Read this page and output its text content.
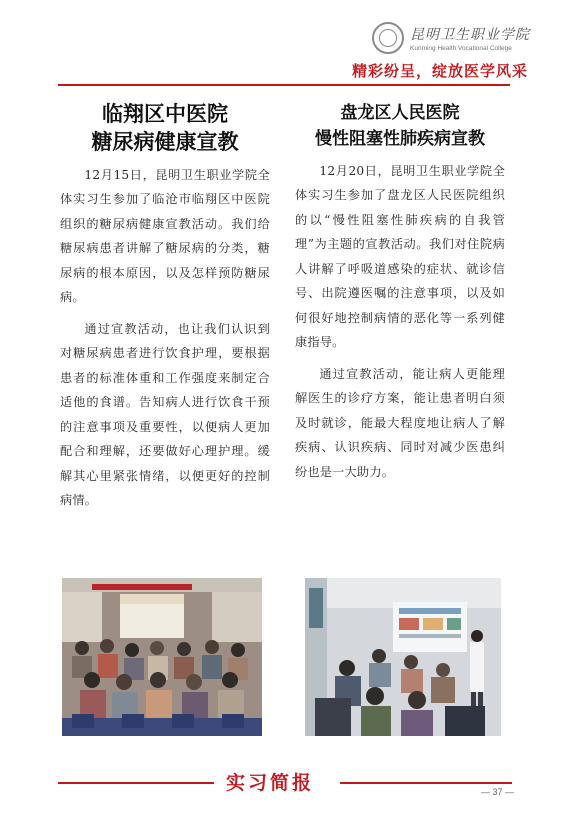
昆明卫生职业学院
Kunming Health Vocational College
精彩纷呈，绽放医学风采
临翔区中医院
糖尿病健康宣教

12月15日，昆明卫生职业学院全体实习生参加了临沧市临翔区中医院组织的糖尿病健康宣教活动。我们给糖尿病患者讲解了糖尿病的分类，糖尿病的根本原因，以及怎样预防糖尿病。

通过宣教活动，也让我们认识到对糖尿病患者进行饮食护理，要根据患者的标准体重和工作强度来制定合适他的食谱。告知病人进行饮食干预的注意事项及重要性，以便病人更加配合和理解，还要做好心理护理。缓解其心里紧张情绪，以便更好的控制病情。

盘龙区人民医院
慢性阻塞性肺疾病宣教

12月20日，昆明卫生职业学院全体实习生参加了盘龙区人民医院组织的以“慢性阻塞性肺疾病的自我管理”为主题的宣教活动。我们对住院病人讲解了呼吸道感染的症状、就诊信号、出院遵医嘱的注意事项，以及如何很好地控制病情的恶化等一系列健康指导。

通过宣教活动，能让病人更能理解医生的诊疗方案，能让患者明白须及时就诊，能最大程度地让病人了解疾病、认识疾病、同时对减少医患纠纷也是一大助力。

实习简报	— 37 —
